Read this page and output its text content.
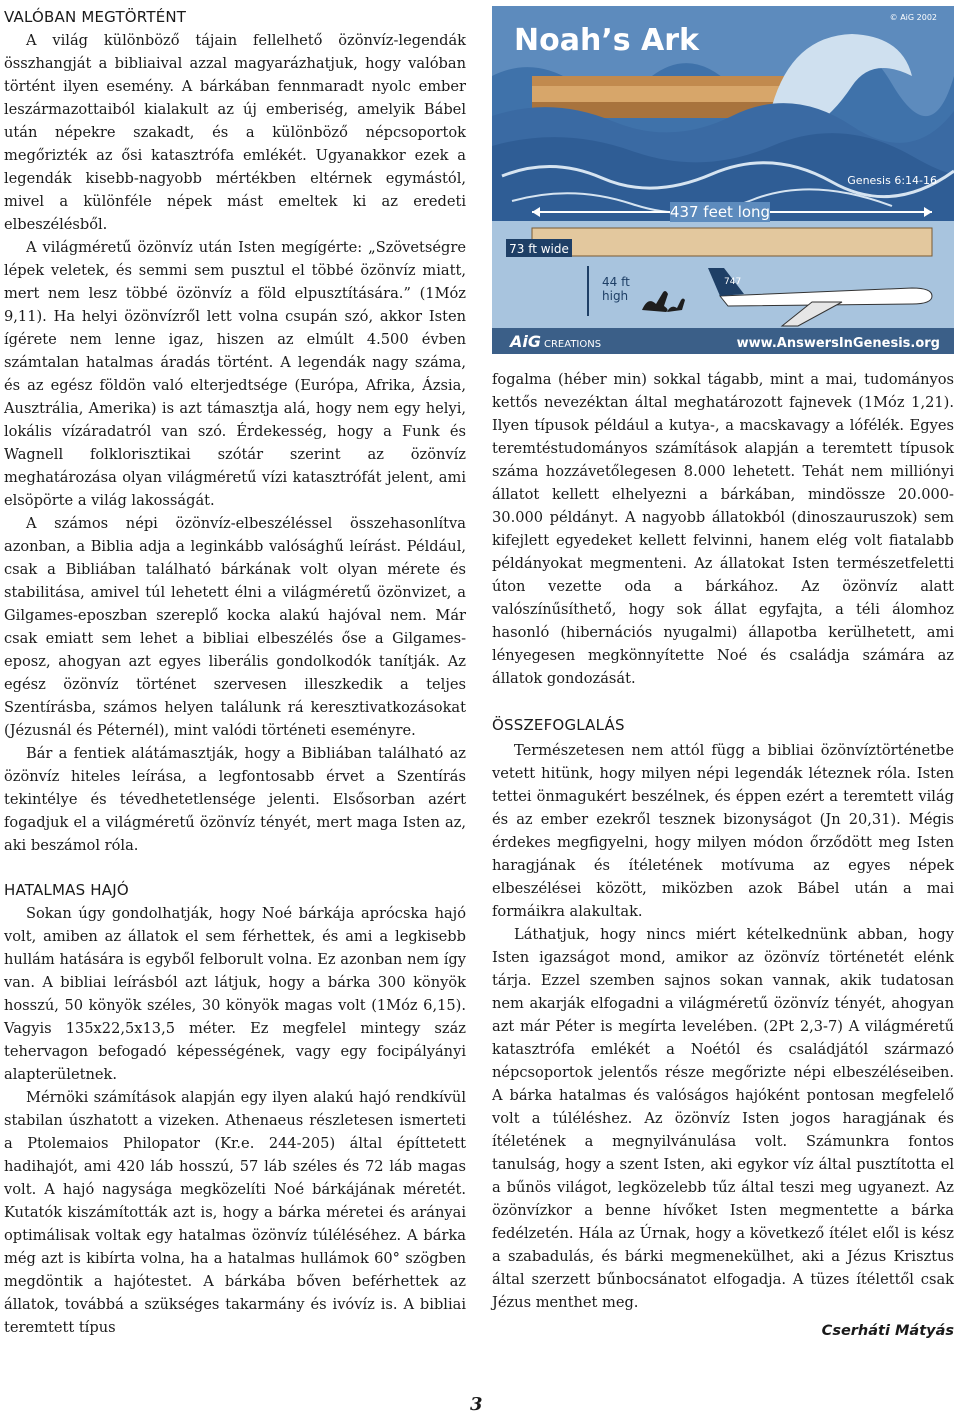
VALÓBAN MEGTÖRTÉNT

A világ különböző tájain fellelhető özönvíz-legendák összhangját a bibliaival azzal magyarázhatjuk, hogy valóban történt ilyen esemény. A bárkában fennmaradt nyolc ember leszármazottaiból kialakult az új emberiség, amelyik Bábel után népekre szakadt, és a különböző népcsoportok megőrizték az ősi katasztrófa emlékét. Ugyanakkor ezek a legendák kisebb-nagyobb mértékben eltérnek egymástól, mivel a különféle népek mást emeltek ki az eredeti elbeszélésből.

A világméretű özönvíz után Isten megígérte: „Szövetségre lépek veletek, és semmi sem pusztul el többé özönvíz miatt, mert nem lesz többé özönvíz a föld elpusztítására.” (1Móz 9,11). Ha helyi özönvízről lett volna csupán szó, akkor Isten ígérete nem lenne igaz, hiszen az elmúlt 4.500 évben számtalan hatalmas áradás történt. A legendák nagy száma, és az egész földön való elterjedtsége (Európa, Afrika, Ázsia, Ausztrália, Amerika) is azt támasztja alá, hogy nem egy helyi, lokális vízáradatról van szó. Érdekesség, hogy a Funk és Wagnell folklorisztikai szótár szerint az özönvíz meghatározása olyan világméretű vízi katasztrófát jelent, ami elsöpörte a világ lakosságát.

A számos népi özönvíz-elbeszéléssel összehasonlítva azonban, a Biblia adja a leginkább valósághű leírást. Például, csak a Bibliában található bárkának volt olyan mérete és stabilitása, amivel túl lehetett élni a világméretű özönvizet, a Gilgames-eposzban szereplő kocka alakú hajóval nem. Már csak emiatt sem lehet a bibliai elbeszélés őse a Gilgames-eposz, ahogyan azt egyes liberális gondolkodók tanítják. Az egész özönvíz történet szervesen illeszkedik a teljes Szentírásba, számos helyen találunk rá keresztivatkozásokat (Jézusnál és Péternél), mint valódi történeti eseményre.

Bár a fentiek alátámasztják, hogy a Bibliában található az özönvíz hiteles leírása, a legfontosabb érvet a Szentírás tekintélye és tévedhetetlensége jelenti. Elsősorban azért fogadjuk el a világméretű özönvíz tényét, mert maga Isten az, aki beszámol róla.

HATALMAS HAJÓ

Sokan úgy gondolhatják, hogy Noé bárkája aprócska hajó volt, amiben az állatok el sem férhettek, és ami a legkisebb hullám hatására is egyből felborult volna. Ez azonban nem így van. A bibliai leírásból azt látjuk, hogy a bárka 300 könyök hosszú, 50 könyök széles, 30 könyök magas volt (1Móz 6,15). Vagyis 135x22,5x13,5 méter. Ez megfelel mintegy száz tehervagon befogadó képességének, vagy egy focipályányi alapterületnek.

Mérnöki számítások alapján egy ilyen alakú hajó rendkívül stabilan úszhatott a vizeken. Athenaeus részletesen ismerteti a Ptolemaios Philopator (Kr.e. 244-205) által építtetett hadihajót, ami 420 láb hosszú, 57 láb széles és 72 láb magas volt. A hajó nagysága megközelíti Noé bárkájának méretét. Kutatók kiszámították azt is, hogy a bárka méretei és arányai optimálisak voltak egy hatalmas özönvíz túléléséhez. A bárka még azt is kibírta volna, ha a hatalmas hullámok 60° szögben megdöntik a hajótestet. A bárkába bőven beférhettek az állatok, továbbá a szükséges takarmány és ivóvíz is. A bibliai teremtett típus

Noah’s Ark
© AiG 2002
Genesis 6:14-16
437 feet long
73 ft wide
44 ft
high
747
AiG CREATIONS	www.AnswersInGenesis.org

fogalma (héber min) sokkal tágabb, mint a mai, tudományos kettős nevezéktan által meghatározott fajnevek (1Móz 1,21). Ilyen típusok például a kutya-, a macskavagy a lófélék. Egyes teremtéstudományos számítások alapján a teremtett típusok száma hozzávetőlegesen 8.000 lehetett. Tehát nem milliónyi állatot kellett elhelyezni a bárkában, mindössze 20.000-30.000 példányt. A nagyobb állatokból (dinoszauruszok) sem kifejlett egyedeket kellett felvinni, hanem elég volt fiatalabb példányokat megmenteni. Az állatokat Isten természetfeletti úton vezette oda a bárkához. Az özönvíz alatt valószínűsíthető, hogy sok állat egyfajta, a téli álomhoz hasonló (hibernációs nyugalmi) állapotba kerülhetett, ami lényegesen megkönnyítette Noé és családja számára az állatok gondozását.

ÖSSZEFOGLALÁS

Természetesen nem attól függ a bibliai özönvíztörténetbe vetett hitünk, hogy milyen népi legendák léteznek róla. Isten tettei önmagukért beszélnek, és éppen ezért a teremtett világ és az ember ezekről tesznek bizonyságot (Jn 20,31). Mégis érdekes megfigyelni, hogy milyen módon őrződött meg Isten haragjának és ítéletének motívuma az egyes népek elbeszélései között, miközben azok Bábel után a mai formáikra alakultak.

Láthatjuk, hogy nincs miért kételkednünk abban, hogy Isten igazságot mond, amikor az özönvíz történetét elénk tárja. Ezzel szemben sajnos sokan vannak, akik tudatosan nem akarják elfogadni a világméretű özönvíz tényét, ahogyan azt már Péter is megírta levelében. (2Pt 2,3-7) A világméretű katasztrófa emlékét a Noétól és családjától származó népcsoportok jelentős része megőrizte népi elbeszéléseiben. A bárka hatalmas és valóságos hajóként pontosan megfelelő volt a túléléshez. Az özönvíz Isten jogos haragjának és ítéletének a megnyilvánulása volt. Számunkra fontos tanulság, hogy a szent Isten, aki egykor víz által pusztította el a bűnös világot, legközelebb tűz által teszi meg ugyanezt. Az özönvízkor a benne hívőket Isten megmentette a bárka fedélzetén. Hála az Úrnak, hogy a következő ítélet elől is kész a szabadulás, és bárki megmenekülhet, aki a Jézus Krisztus által szerzett bűnbocsánatot elfogadja. A tüzes ítélettől csak Jézus menthet meg.

Cserháti Mátyás
3
